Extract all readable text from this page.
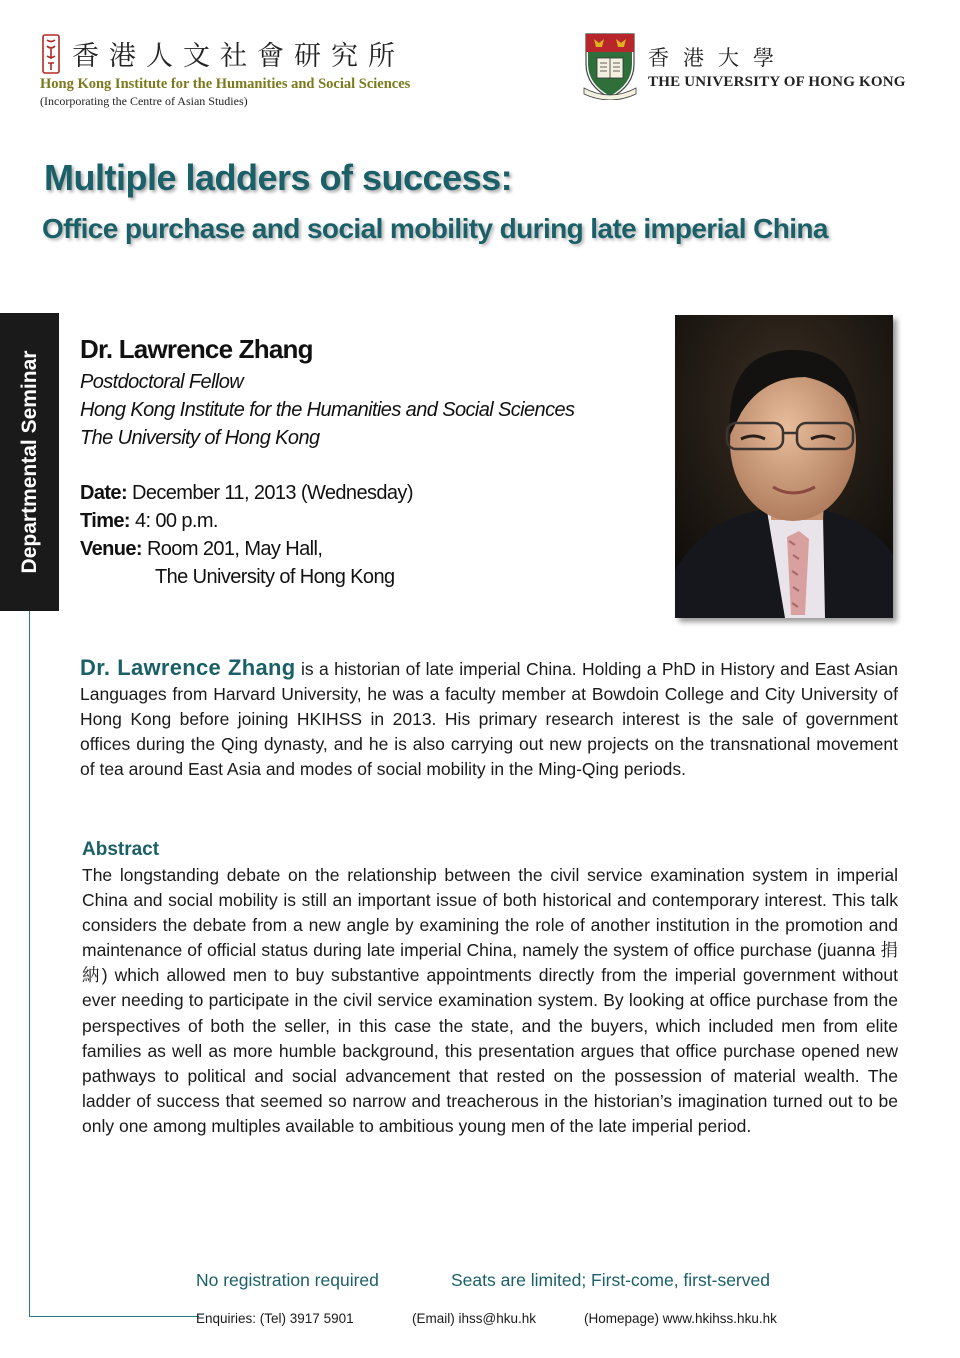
香港人文社會研究所
Hong Kong Institute for the Humanities and Social Sciences
(Incorporating the Centre of Asian Studies)
香港大學
THE UNIVERSITY OF HONG KONG
Multiple ladders of success:
Office purchase and social mobility during late imperial China
Departmental Seminar
Dr. Lawrence Zhang
Postdoctoral Fellow
Hong Kong Institute for the Humanities and Social Sciences
The University of Hong Kong
Date: December 11, 2013 (Wednesday)
Time: 4: 00 p.m.
Venue: Room 201, May Hall,
The University of Hong Kong
Dr. Lawrence Zhang is a historian of late imperial China. Holding a PhD in History and East Asian Languages from Harvard University, he was a faculty member at Bowdoin College and City University of Hong Kong before joining HKIHSS in 2013. His primary research interest is the sale of government offices during the Qing dynasty, and he is also carrying out new projects on the transnational movement of tea around East Asia and modes of social mobility in the Ming-Qing periods.
Abstract
The longstanding debate on the relationship between the civil service examination system in imperial China and social mobility is still an important issue of both historical and contemporary interest. This talk considers the debate from a new angle by examining the role of another institution in the promotion and maintenance of official status during late imperial China, namely the system of office purchase (juanna 捐納) which allowed men to buy substantive appointments directly from the imperial government without ever needing to participate in the civil service examination system. By looking at office purchase from the perspectives of both the seller, in this case the state, and the buyers, which included men from elite families as well as more humble background, this presentation argues that office purchase opened new pathways to political and social advancement that rested on the possession of material wealth. The ladder of success that seemed so narrow and treacherous in the historian’s imagination turned out to be only one among multiples available to ambitious young men of the late imperial period.
No registration required	Seats are limited; First-come, first-served
Enquiries: (Tel) 3917 5901	(Email) ihss@hku.hk	(Homepage) www.hkihss.hku.hk
